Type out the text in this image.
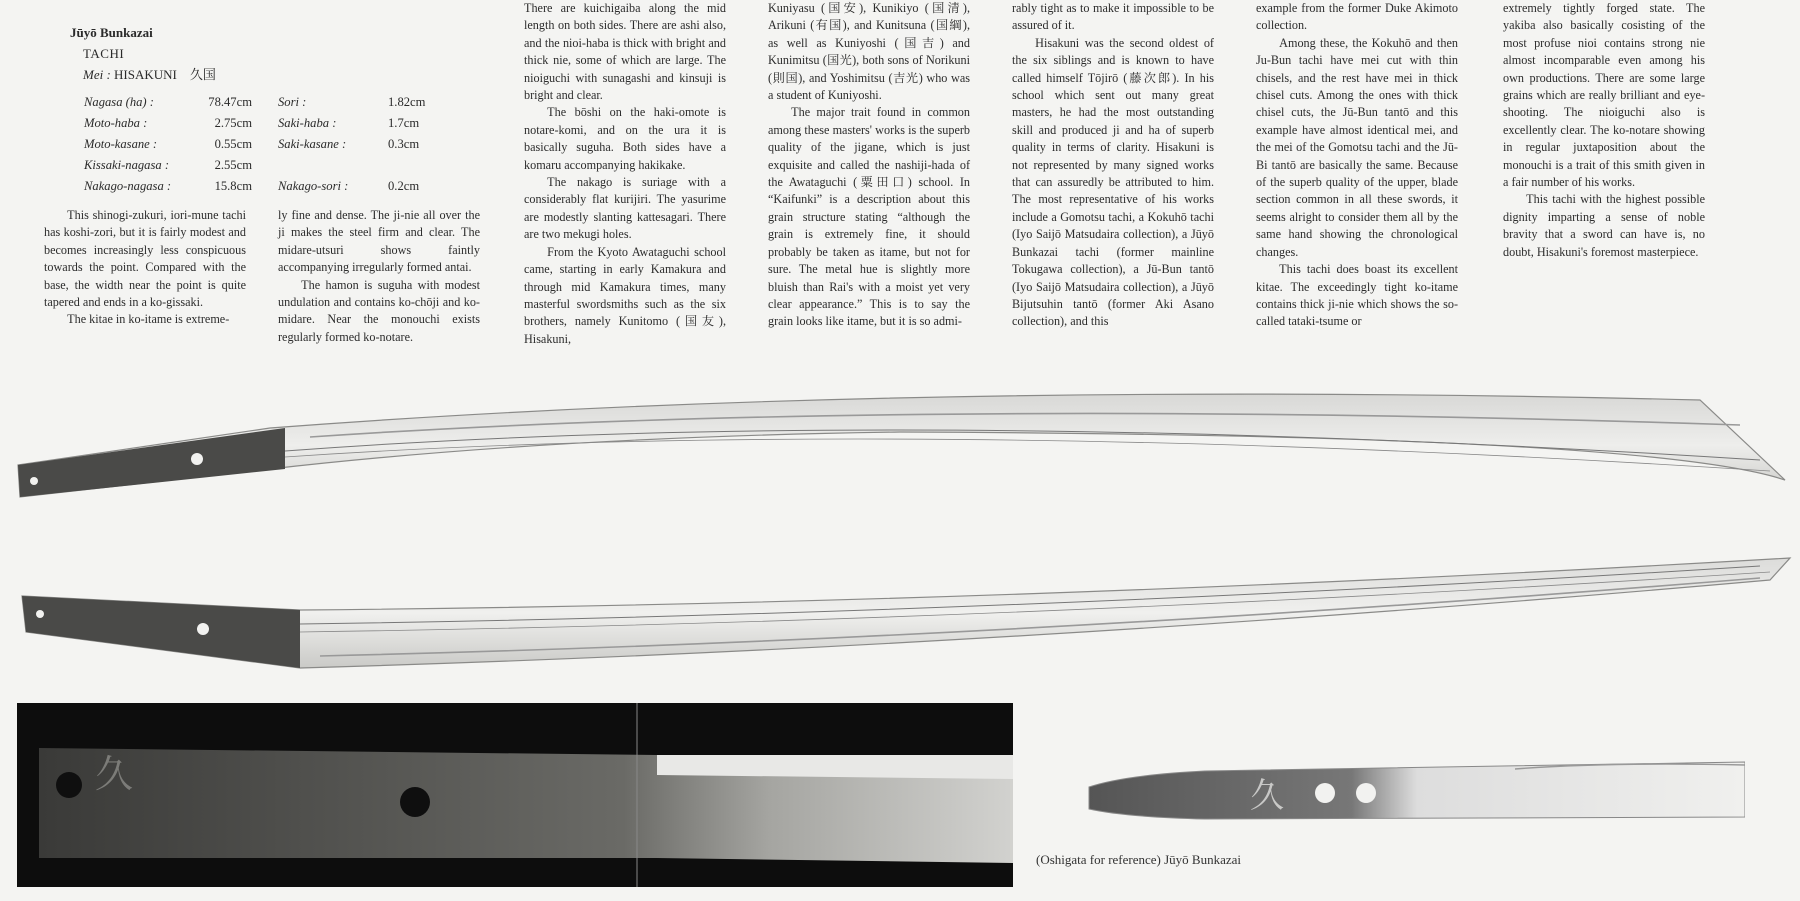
Jūyō Bunkazai
TACHI
Mei : HISAKUNI　久国
Nagasa (ha) :	78.47cm
Moto-haba :	2.75cm
Moto-kasane :	0.55cm
Kissaki-nagasa :	2.55cm
Nakago-nagasa :	15.8cm
Sori :	1.82cm
Saki-haba :	1.7cm
Saki-kasane :	0.3cm
Nakago-sori :	0.2cm

This shinogi-zukuri, iori-mune tachi has koshi-zori, but it is fairly modest and becomes increasingly less conspicuous towards the point. Compared with the base, the width near the point is quite tapered and ends in a ko-gissaki.

The kitae in ko-itame is extreme-

ly fine and dense. The ji-nie all over the ji makes the steel firm and clear. The midare-utsuri shows faintly accompanying irregularly formed antai.

The hamon is suguha with modest undulation and contains ko-chōji and ko-midare. Near the monouchi exists regularly formed ko-notare.

There are kuichigaiba along the mid length on both sides. There are ashi also, and the nioi-haba is thick with bright and thick nie, some of which are large. The nioiguchi with sunagashi and kinsuji is bright and clear.

The bōshi on the haki-omote is notare-komi, and on the ura it is basically suguha. Both sides have a komaru accompanying hakikake.

The nakago is suriage with a considerably flat kurijiri. The yasurime are modestly slanting kattesagari. There are two mekugi holes.

From the Kyoto Awataguchi school came, starting in early Kamakura and through mid Kamakura times, many masterful swordsmiths such as the six brothers, namely Kunitomo (国友), Hisakuni,

Kuniyasu (国安), Kunikiyo (国清), Arikuni (有国), and Kunitsuna (国綱), as well as Kuniyoshi (国吉) and Kunimitsu (国光), both sons of Norikuni (則国), and Yoshimitsu (吉光) who was a student of Kuniyoshi.

The major trait found in common among these masters' works is the superb quality of the jigane, which is just exquisite and called the nashiji-hada of the Awataguchi (粟田口) school. In “Kaifunki” is a description about this grain structure stating “although the grain is extremely fine, it should probably be taken as itame, but not for sure. The metal hue is slightly more bluish than Rai's with a moist yet very clear appearance.” This is to say the grain looks like itame, but it is so admi-

rably tight as to make it impossible to be assured of it.

Hisakuni was the second oldest of the six siblings and is known to have called himself Tōjirō (藤次郎). In his school which sent out many great masters, he had the most outstanding skill and produced ji and ha of superb quality in terms of clarity. Hisakuni is not represented by many signed works that can assuredly be attributed to him. The most representative of his works include a Gomotsu tachi, a Kokuhō tachi (Iyo Saijō Matsudaira collection), a Jūyō Bunkazai tachi (former mainline Tokugawa collection), a Jū-Bun tantō (Iyo Saijō Matsudaira collection), a Jūyō Bijutsuhin tantō (former Aki Asano collection), and this

example from the former Duke Akimoto collection.

Among these, the Kokuhō and then Ju-Bun tachi have mei cut with thin chisels, and the rest have mei in thick chisel cuts. Among the ones with thick chisel cuts, the Jū-Bun tantō and this example have almost identical mei, and the mei of the Gomotsu tachi and the Jū-Bi tantō are basically the same. Because of the superb quality of the upper, blade section common in all these swords, it seems alright to consider them all by the same hand showing the chronological changes.

This tachi does boast its excellent kitae. The exceedingly tight ko-itame contains thick ji-nie which shows the so-called tataki-tsume or

extremely tightly forged state. The yakiba also basically cosisting of the most profuse nioi contains strong nie almost incomparable even among his own productions. There are some large grains which are really brilliant and eye-shooting. The nioiguchi also is excellently clear. The ko-notare showing in regular juxtaposition about the monouchi is a trait of this smith given in a fair number of his works.

This tachi with the highest possible dignity imparting a sense of noble bravity that a sword can have is, no doubt, Hisakuni's foremost masterpiece.

久
久
(Oshigata for reference) Jūyō Bunkazai
